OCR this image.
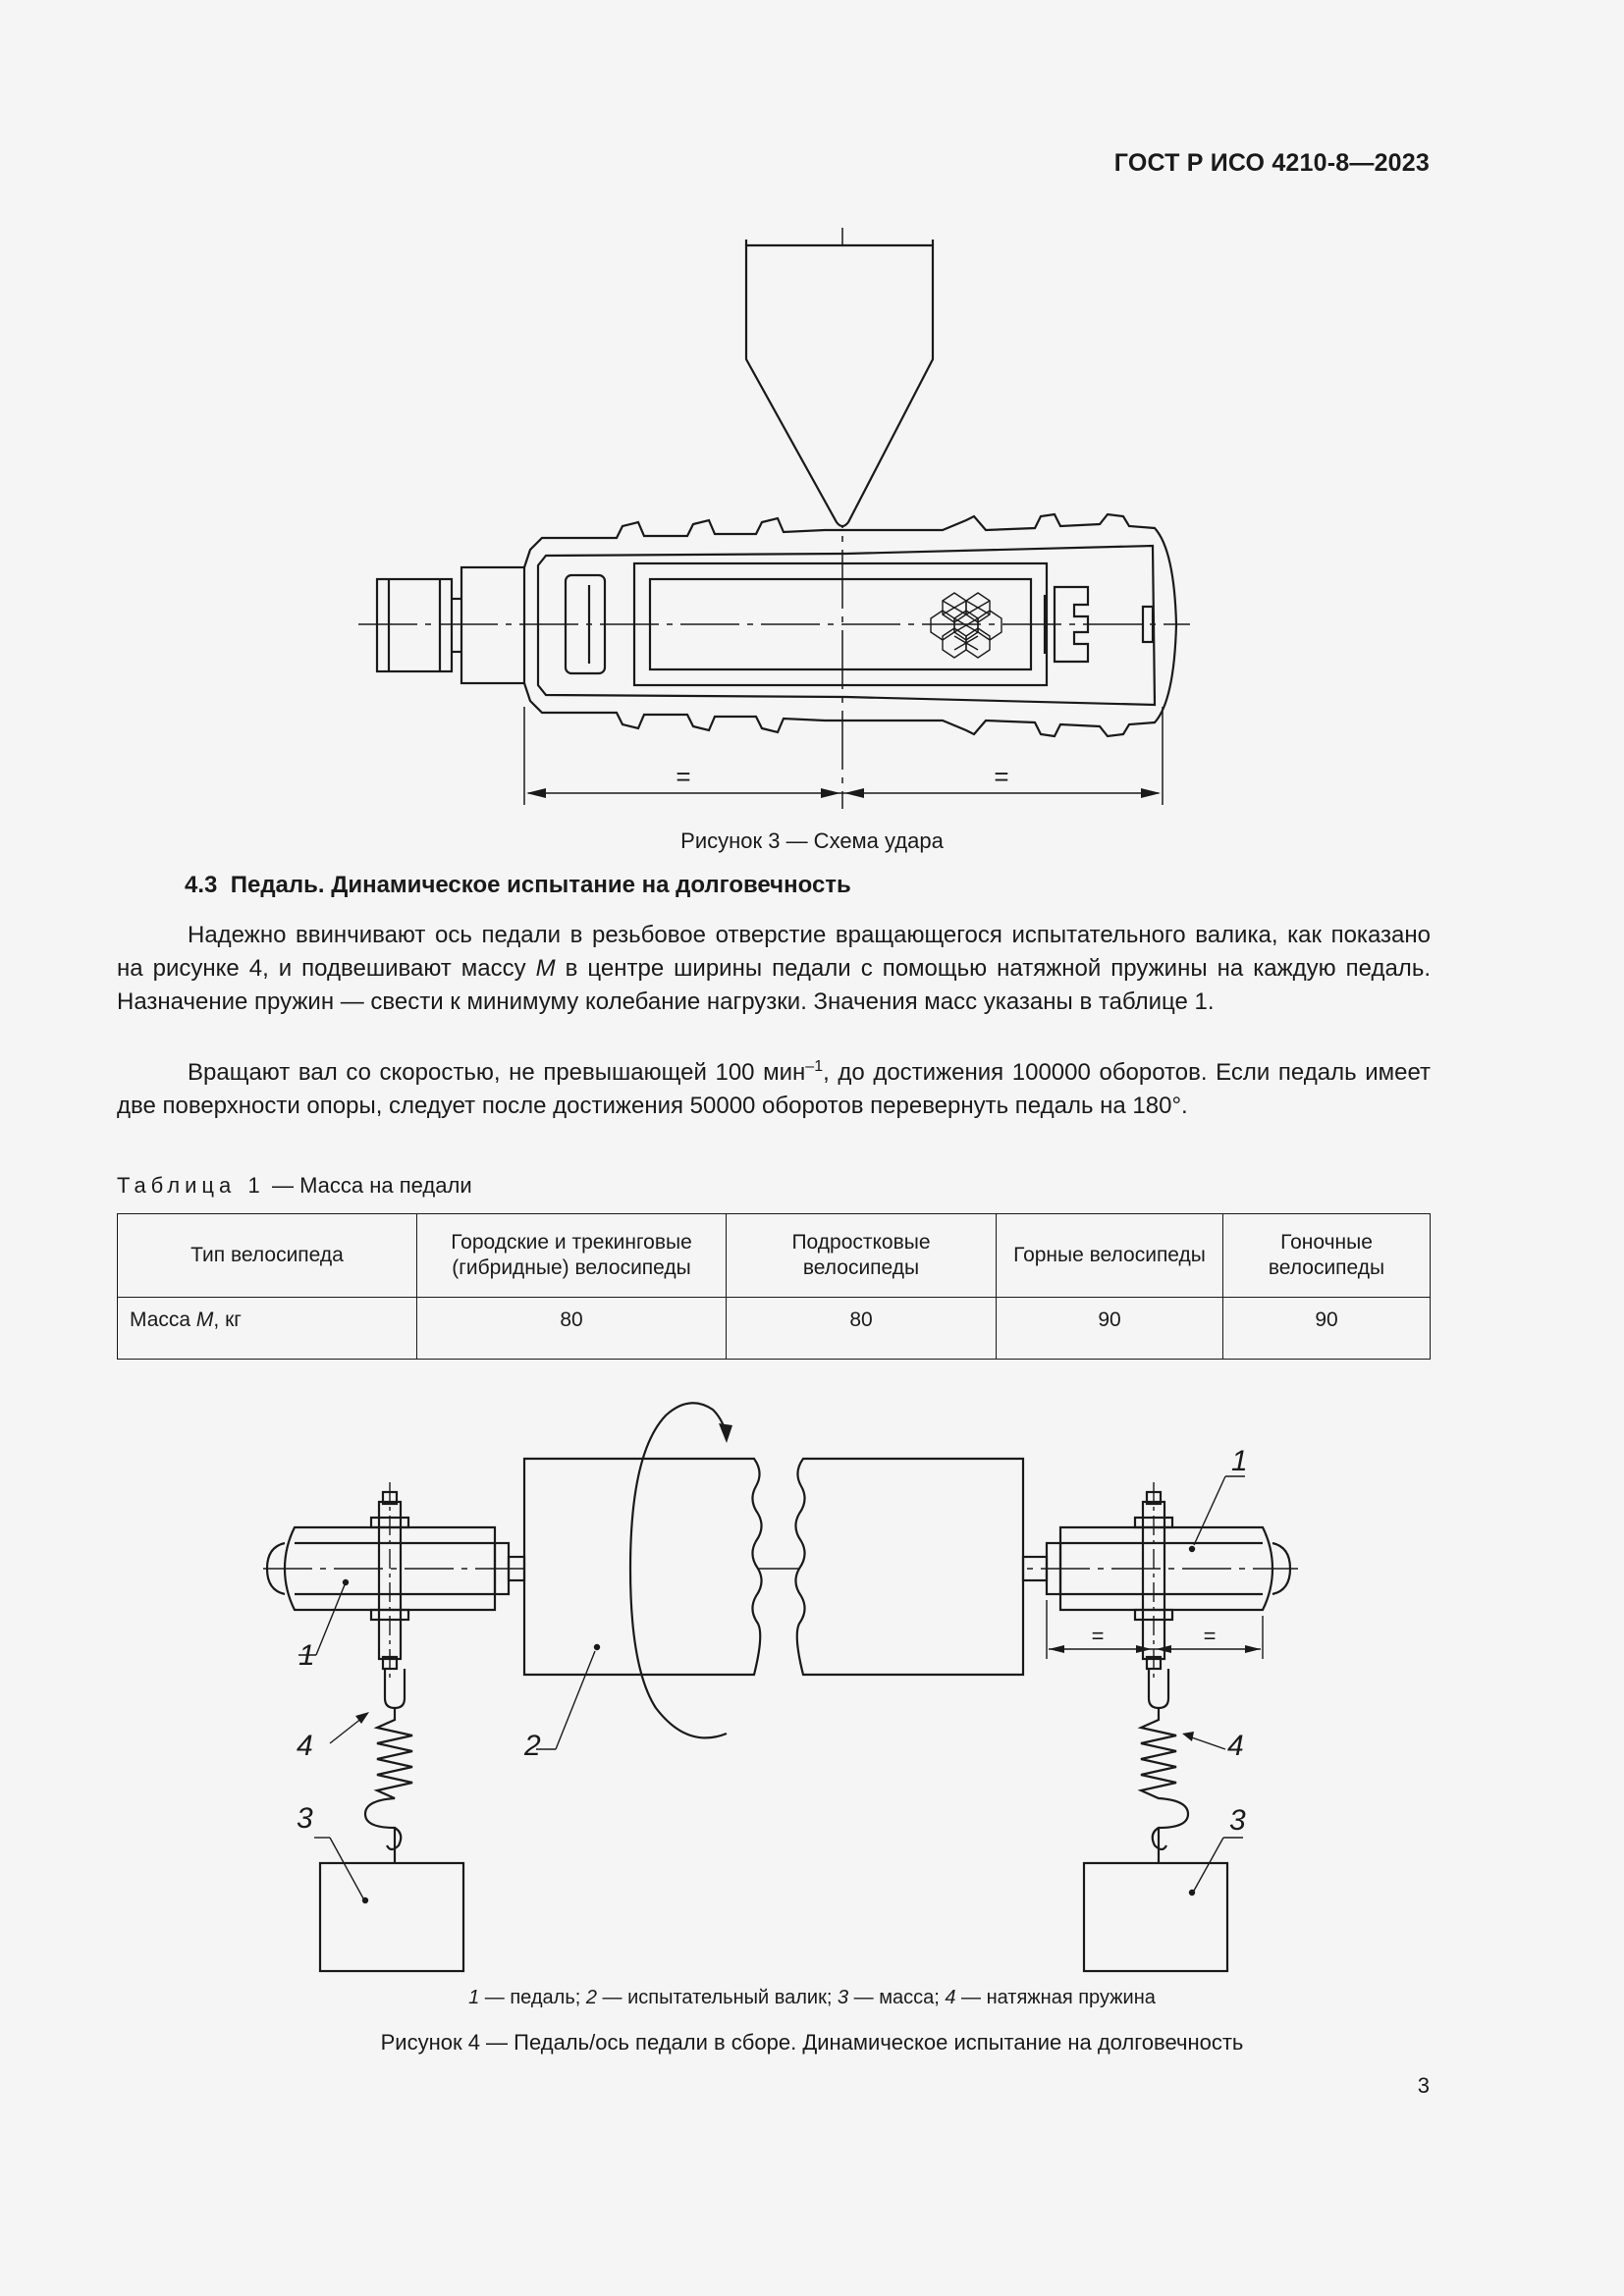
ГОСТ Р ИСО 4210-8—2023
=	=
Рисунок 3 — Схема удара
4.3 Педаль. Динамическое испытание на долговечность
Надежно ввинчивают ось педали в резьбовое отверстие вращающегося испытательного валика, как показано на рисунке 4, и подвешивают массу M в центре ширины педали с помощью натяжной пружины на каждую педаль. Назначение пружин — свести к минимуму колебание нагрузки. Значения масс указаны в таблице 1.
Вращают вал со скоростью, не превышающей 100 мин$^{-1}$, до достижения 100000 оборотов. Если педаль имеет две поверхности опоры, следует после достижения 50000 оборотов перевернуть педаль на 180°.
Таблица 1 — Масса на педали
Тип велосипеда	Городские и трекинговые (гибридные) велосипеды	Подростковые велосипеды	Горные велосипеды	Гоночные велосипеды
Масса M, кг	80	80	90	90
=	=
1
1
2
3	3
4	4
1 — педаль; 2 — испытательный валик; 3 — масса; 4 — натяжная пружина
Рисунок 4 — Педаль/ось педали в сборе. Динамическое испытание на долговечность
3
